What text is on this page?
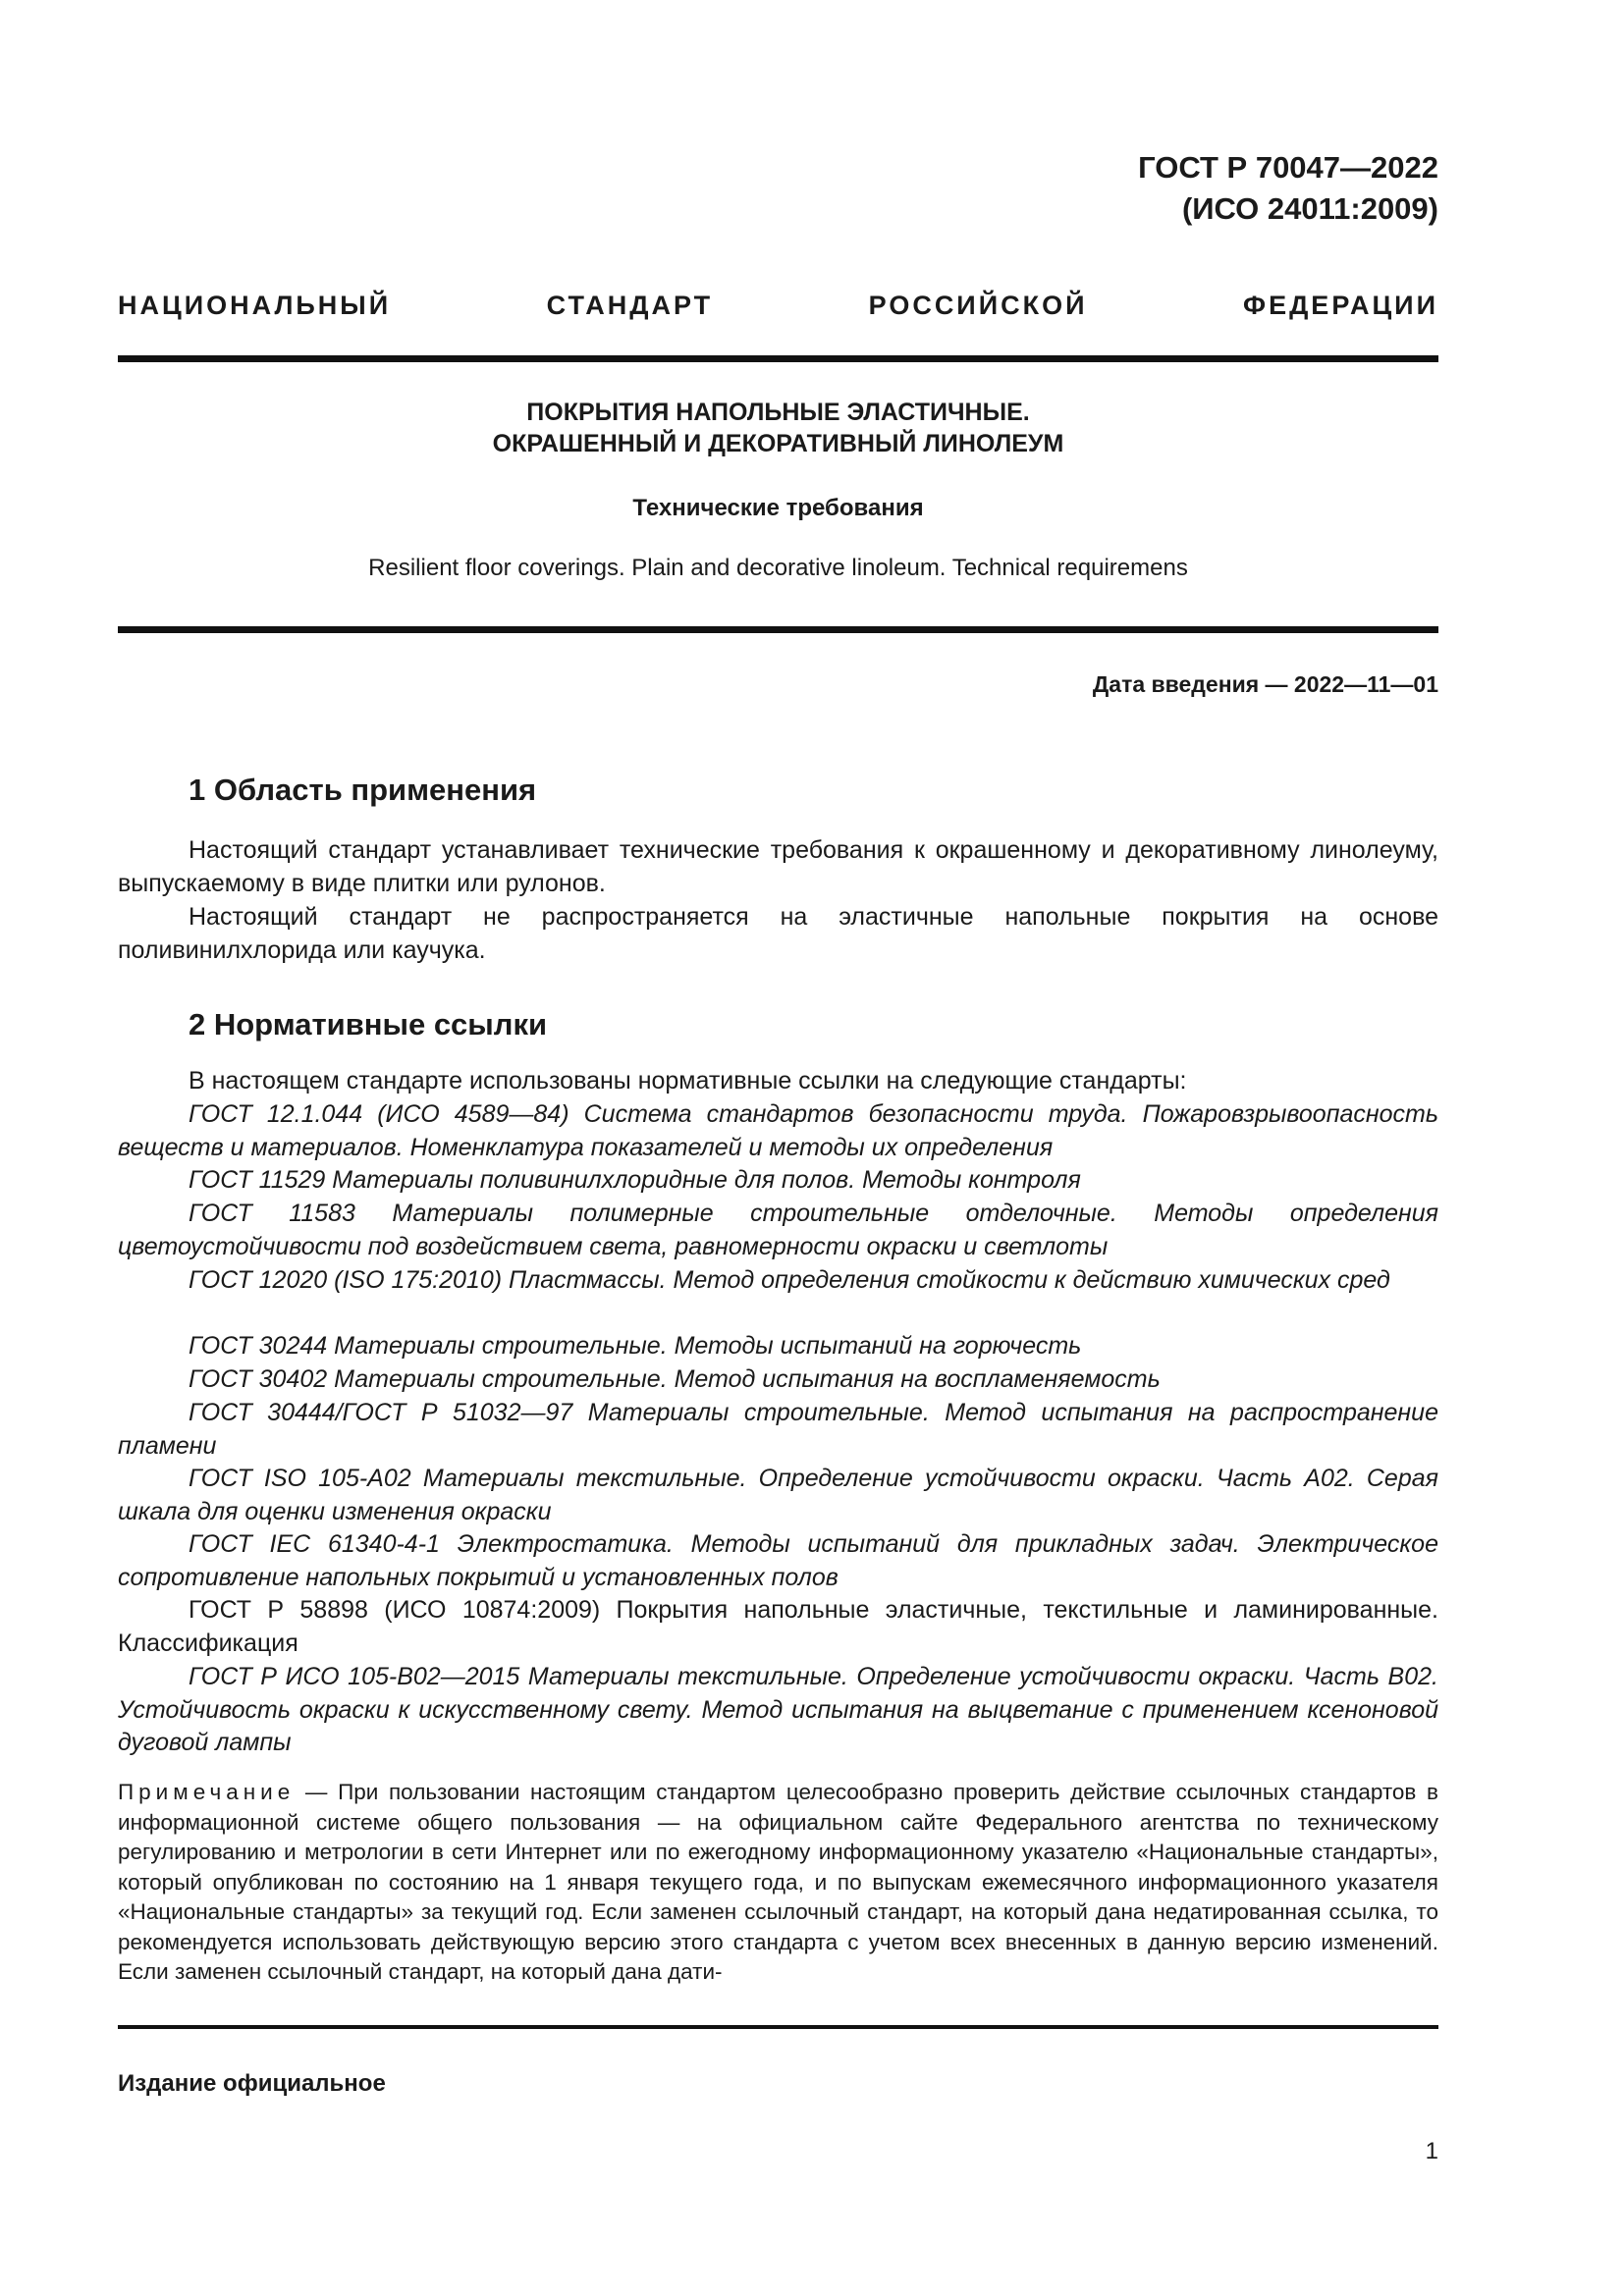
ГОСТ Р 70047—2022
(ИСО 24011:2009)
НАЦИОНАЛЬНЫЙ СТАНДАРТ РОССИЙСКОЙ ФЕДЕРАЦИИ
ПОКРЫТИЯ НАПОЛЬНЫЕ ЭЛАСТИЧНЫЕ.
ОКРАШЕННЫЙ И ДЕКОРАТИВНЫЙ ЛИНОЛЕУМ
Технические требования
Resilient floor coverings. Plain and decorative linoleum. Technical requiremens
Дата введения — 2022—11—01
1 Область применения
Настоящий стандарт устанавливает технические требования к окрашенному и декоративному линолеуму, выпускаемому в виде плитки или рулонов.
Настоящий стандарт не распространяется на эластичные напольные покрытия на основе поливинилхлорида или каучука.
2 Нормативные ссылки
В настоящем стандарте использованы нормативные ссылки на следующие стандарты:
ГОСТ 12.1.044 (ИСО 4589—84) Система стандартов безопасности труда. Пожаровзрывоопасность веществ и материалов. Номенклатура показателей и методы их определения
ГОСТ 11529 Материалы поливинилхлоридные для полов. Методы контроля
ГОСТ 11583 Материалы полимерные строительные отделочные. Методы определения цветоустойчивости под воздействием света, равномерности окраски и светлоты
ГОСТ 12020 (ISO 175:2010) Пластмассы. Метод определения стойкости к действию химических сред
ГОСТ 30244 Материалы строительные. Методы испытаний на горючесть
ГОСТ 30402 Материалы строительные. Метод испытания на воспламеняемость
ГОСТ 30444/ГОСТ Р 51032—97 Материалы строительные. Метод испытания на распространение пламени
ГОСТ ISO 105-A02 Материалы текстильные. Определение устойчивости окраски. Часть A02. Серая шкала для оценки изменения окраски
ГОСТ IEC 61340-4-1 Электростатика. Методы испытаний для прикладных задач. Электрическое сопротивление напольных покрытий и установленных полов
ГОСТ Р 58898 (ИСО 10874:2009) Покрытия напольные эластичные, текстильные и ламинированные. Классификация
ГОСТ Р ИСО 105-B02—2015 Материалы текстильные. Определение устойчивости окраски. Часть B02. Устойчивость окраски к искусственному свету. Метод испытания на выцветание с применением ксеноновой дуговой лампы
Примечание — При пользовании настоящим стандартом целесообразно проверить действие ссылочных стандартов в информационной системе общего пользования — на официальном сайте Федерального агентства по техническому регулированию и метрологии в сети Интернет или по ежегодному информационному указателю «Национальные стандарты», который опубликован по состоянию на 1 января текущего года, и по выпускам ежемесячного информационного указателя «Национальные стандарты» за текущий год. Если заменен ссылочный стандарт, на который дана недатированная ссылка, то рекомендуется использовать действующую версию этого стандарта с учетом всех внесенных в данную версию изменений. Если заменен ссылочный стандарт, на который дана дати-
Издание официальное
1
